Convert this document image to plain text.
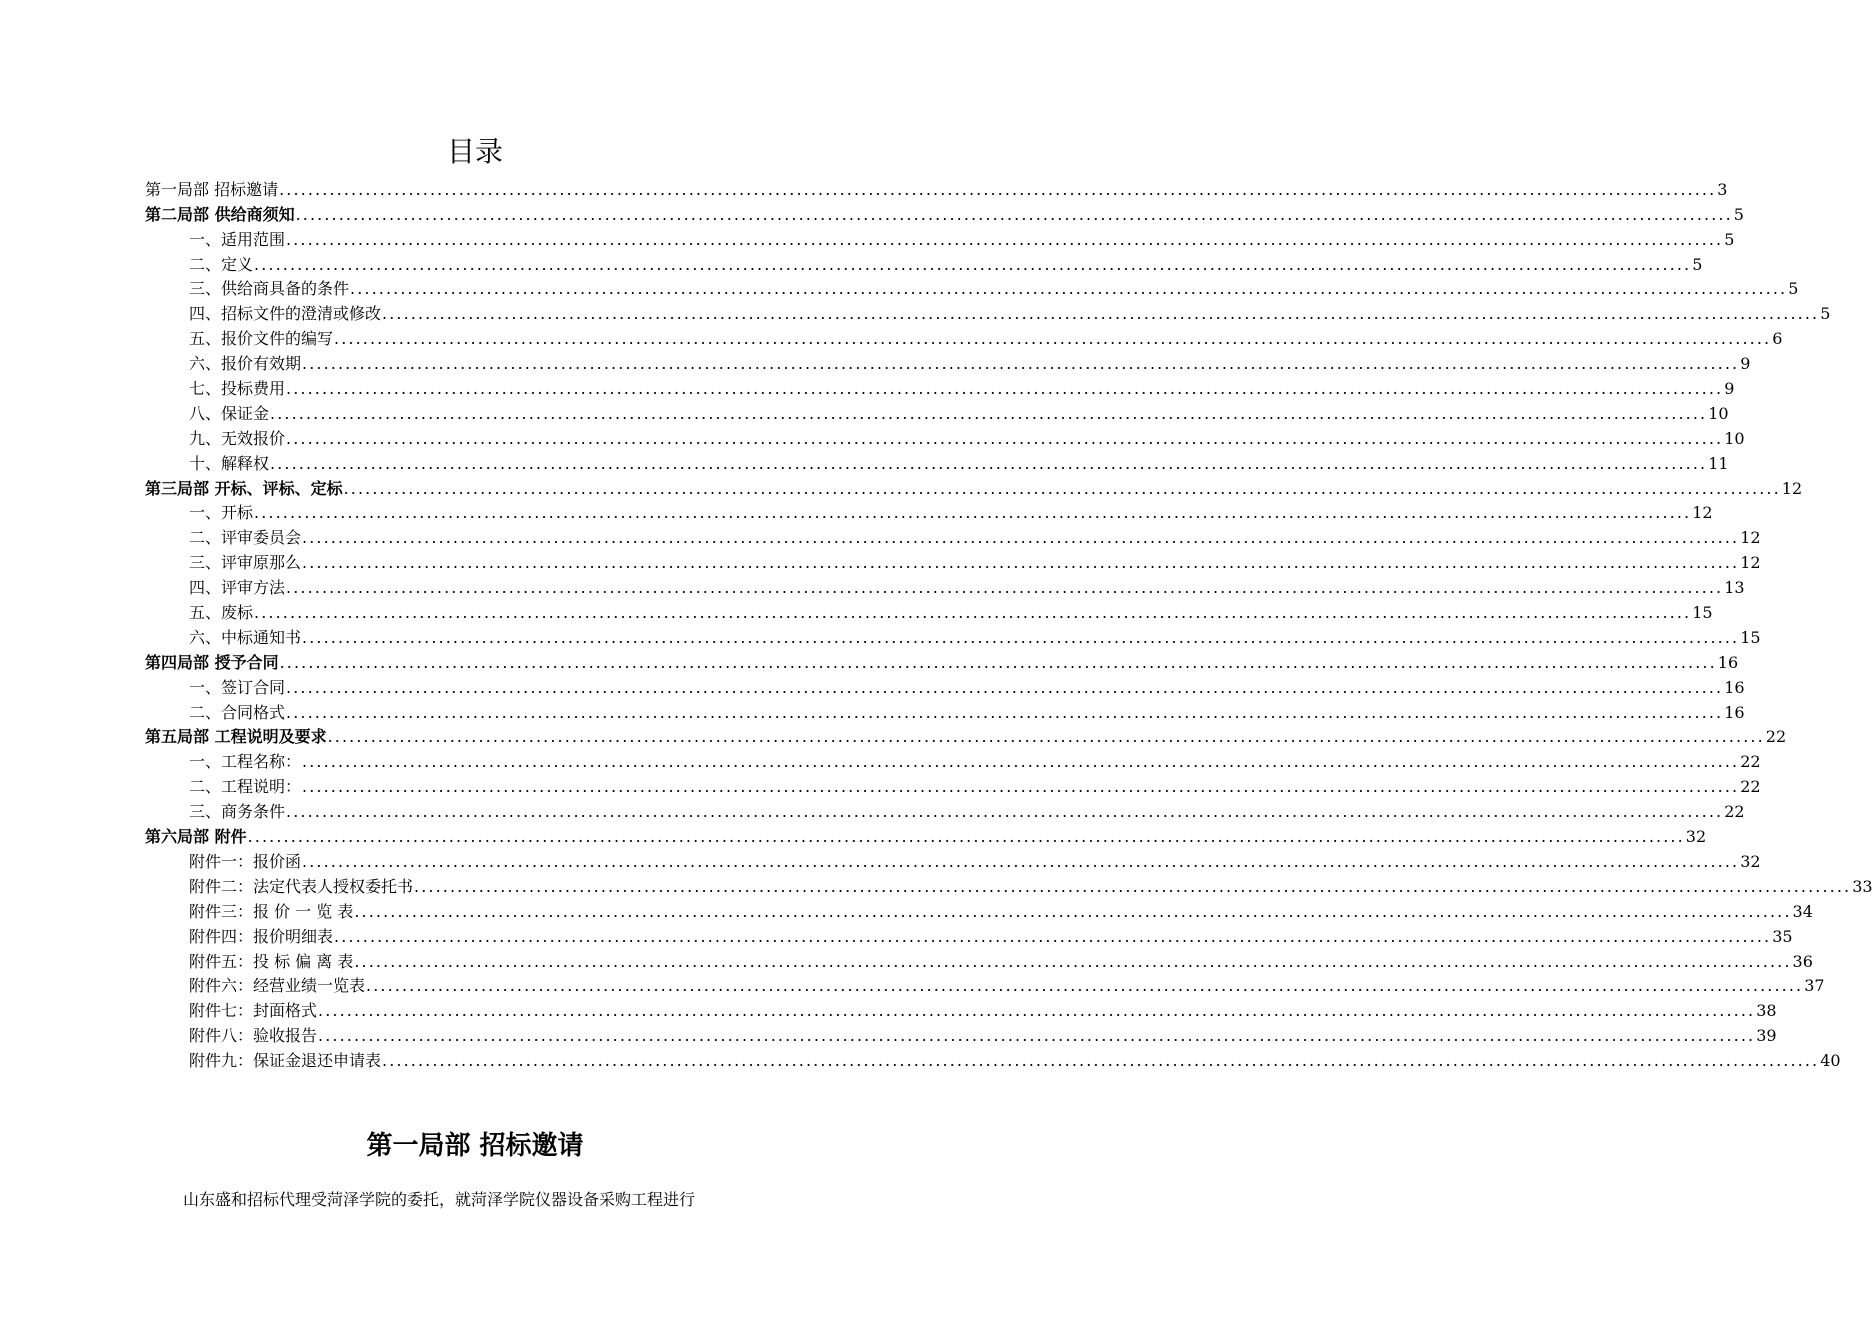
目录
第一局部 招标邀请 ........................................................................................................................................................................................................ 3
第二局部 供给商须知 ........................................................................................................................................................................................................ 5
一、适用范围 ........................................................................................................................................................................................................ 5
二、定义 ........................................................................................................................................................................................................ 5
三、供给商具备的条件 ........................................................................................................................................................................................................ 5
四、招标文件的澄清或修改 ........................................................................................................................................................................................................ 5
五、报价文件的编写 ........................................................................................................................................................................................................ 6
六、报价有效期 ........................................................................................................................................................................................................ 9
七、投标费用 ........................................................................................................................................................................................................ 9
八、保证金 ........................................................................................................................................................................................................ 10
九、无效报价 ........................................................................................................................................................................................................ 10
十、解释权 ........................................................................................................................................................................................................ 11
第三局部 开标、评标、定标 ........................................................................................................................................................................................................ 12
一、开标 ........................................................................................................................................................................................................ 12
二、评审委员会 ........................................................................................................................................................................................................ 12
三、评审原那么 ........................................................................................................................................................................................................ 12
四、评审方法 ........................................................................................................................................................................................................ 13
五、废标 ........................................................................................................................................................................................................ 15
六、中标通知书 ........................................................................................................................................................................................................ 15
第四局部 授予合同 ........................................................................................................................................................................................................ 16
一、签订合同 ........................................................................................................................................................................................................ 16
二、合同格式 ........................................................................................................................................................................................................ 16
第五局部 工程说明及要求 ........................................................................................................................................................................................................ 22
一、工程名称： ........................................................................................................................................................................................................ 22
二、工程说明： ........................................................................................................................................................................................................ 22
三、商务条件 ........................................................................................................................................................................................................ 22
第六局部 附件 ........................................................................................................................................................................................................ 32
附件一：报价函 ........................................................................................................................................................................................................ 32
附件二：法定代表人授权委托书 ........................................................................................................................................................................................................ 33
附件三：报 价 一 览 表 ........................................................................................................................................................................................................ 34
附件四：报价明细表 ........................................................................................................................................................................................................ 35
附件五：投 标 偏 离 表 ........................................................................................................................................................................................................ 36
附件六：经营业绩一览表 ........................................................................................................................................................................................................ 37
附件七：封面格式 ........................................................................................................................................................................................................ 38
附件八：验收报告 ........................................................................................................................................................................................................ 39
附件九：保证金退还申请表 ........................................................................................................................................................................................................ 40
第一局部 招标邀请
山东盛和招标代理受菏泽学院的委托，就菏泽学院仪器设备采购工程进行
